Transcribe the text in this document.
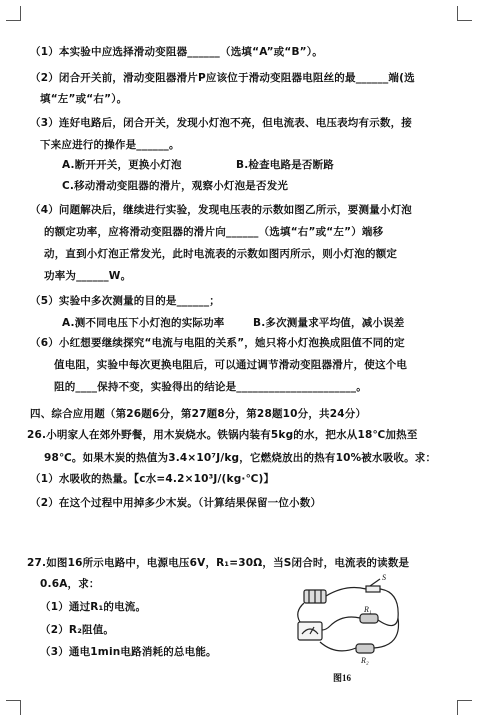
（1）本实验中应选择滑动变阻器______（选填“A”或“B”）。
（2）闭合开关前，滑动变阻器滑片P应该位于滑动变阻器电阻丝的最______端(选
填“左”或“右”）。
（3）连好电路后，闭合开关，发现小灯泡不亮，但电流表、电压表均有示数，接
下来应进行的操作是______。
A.断开开关，更换小灯泡	B.检查电路是否断路
C.移动滑动变阻器的滑片，观察小灯泡是否发光
（4）问题解决后，继续进行实验，发现电压表的示数如图乙所示，要测量小灯泡
的额定功率，应将滑动变阻器的滑片向______（选填“右”或“左”）端移
动，直到小灯泡正常发光，此时电流表的示数如图丙所示，则小灯泡的额定
功率为______W。
（5）实验中多次测量的目的是______；
A.测不同电压下小灯泡的实际功率	B.多次测量求平均值，减小误差
（6）小红想要继续探究“电流与电阻的关系”，她只将小灯泡换成阻值不同的定
值电阻，实验中每次更换电阻后，可以通过调节滑动变阻器滑片，使这个电
阻的____保持不变，实验得出的结论是______________________。
四、综合应用题（第26题6分，第27题8分，第28题10分，共24分）
26.小明家人在郊外野餐，用木炭烧水。铁锅内装有5kg的水，把水从18℃加热至
98℃。如果木炭的热值为3.4×10⁷J/kg，它燃烧放出的热有10%被水吸收。求：
（1）水吸收的热量。【c水=4.2×10³J/(kg·℃)】
（2）在这个过程中用掉多少木炭。（计算结果保留一位小数）
27.如图16所示电路中，电源电压6V，R₁=30Ω，当S闭合时，电流表的读数是
0.6A，求：
（1）通过R₁的电流。
（2）R₂阻值。
（3）通电1min电路消耗的总电能。
S
R₁
R₂
图16
